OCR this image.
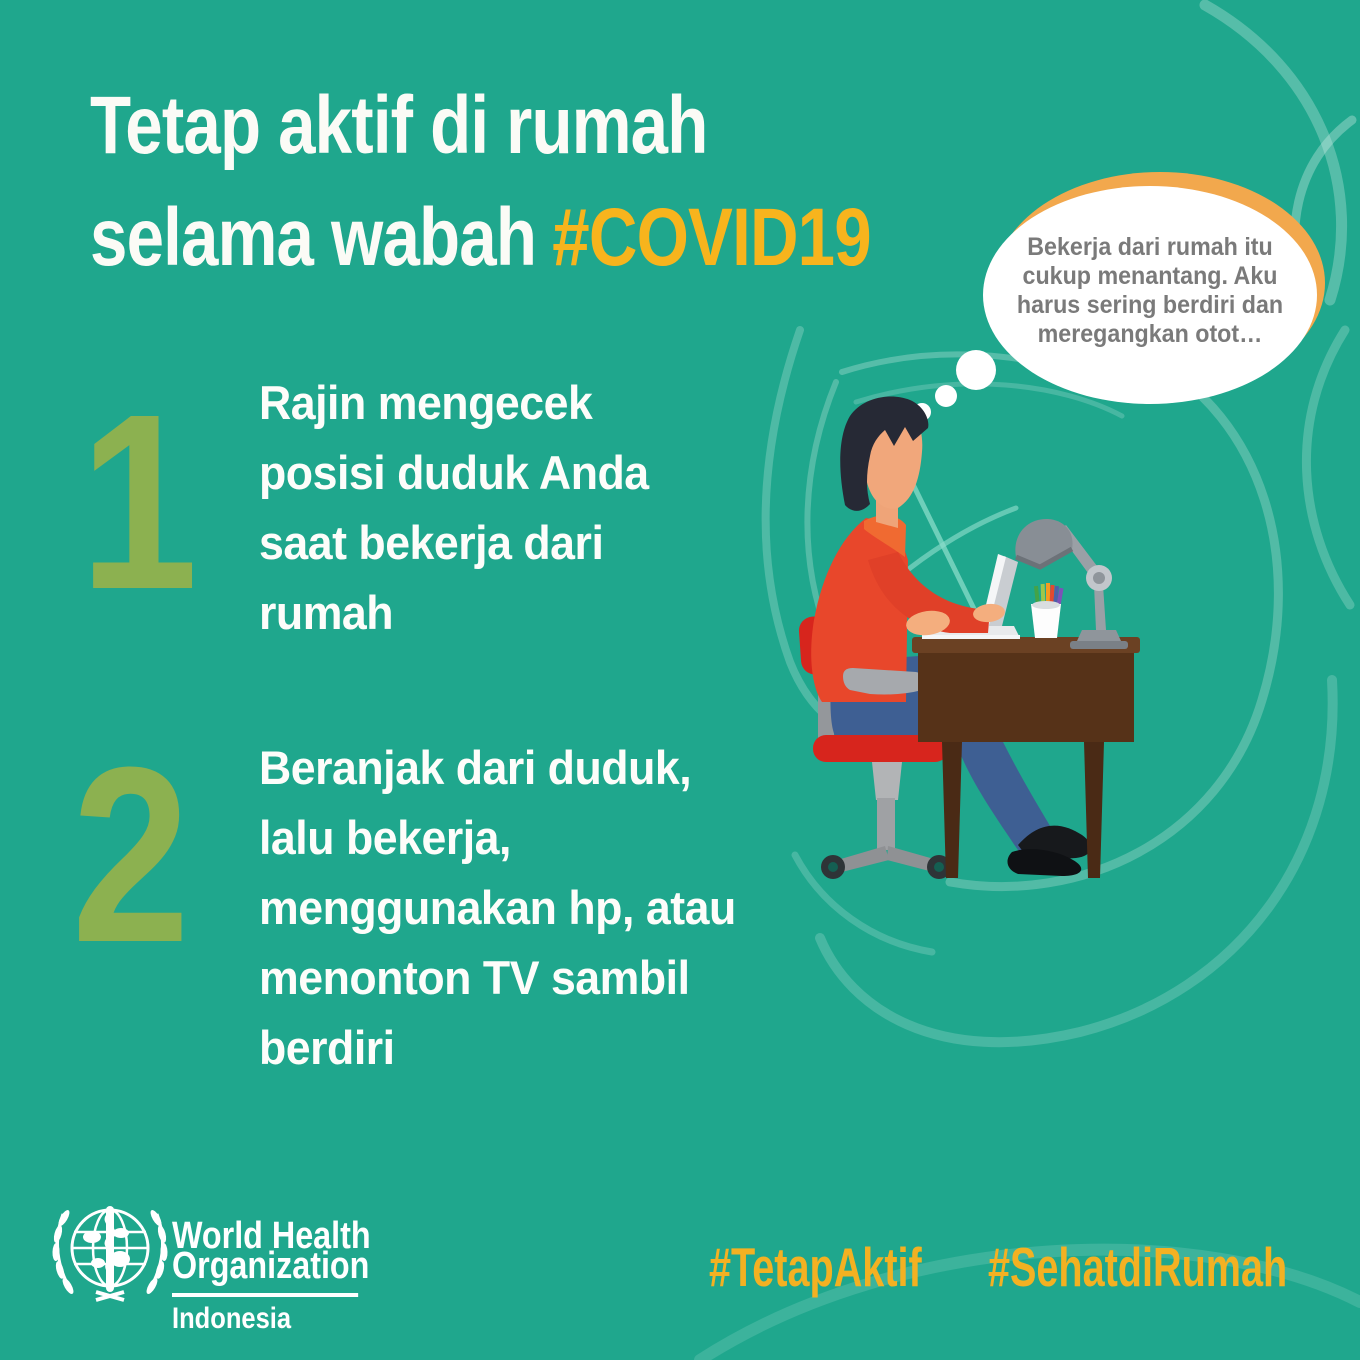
Tetap aktif di rumah
selama wabah #COVID19	Bekerja dari rumah itu
cukup menantang. Aku
harus sering berdiri dan
meregangkan otot…
1 Rajin mengecek
posisi duduk Anda
saat bekerja dari
rumah
2 Beranjak dari duduk,
lalu bekerja,
menggunakan hp, atau
menonton TV sambil
berdiri
World Health
Organization
Indonesia
#TetapAktif #SehatdiRumah
